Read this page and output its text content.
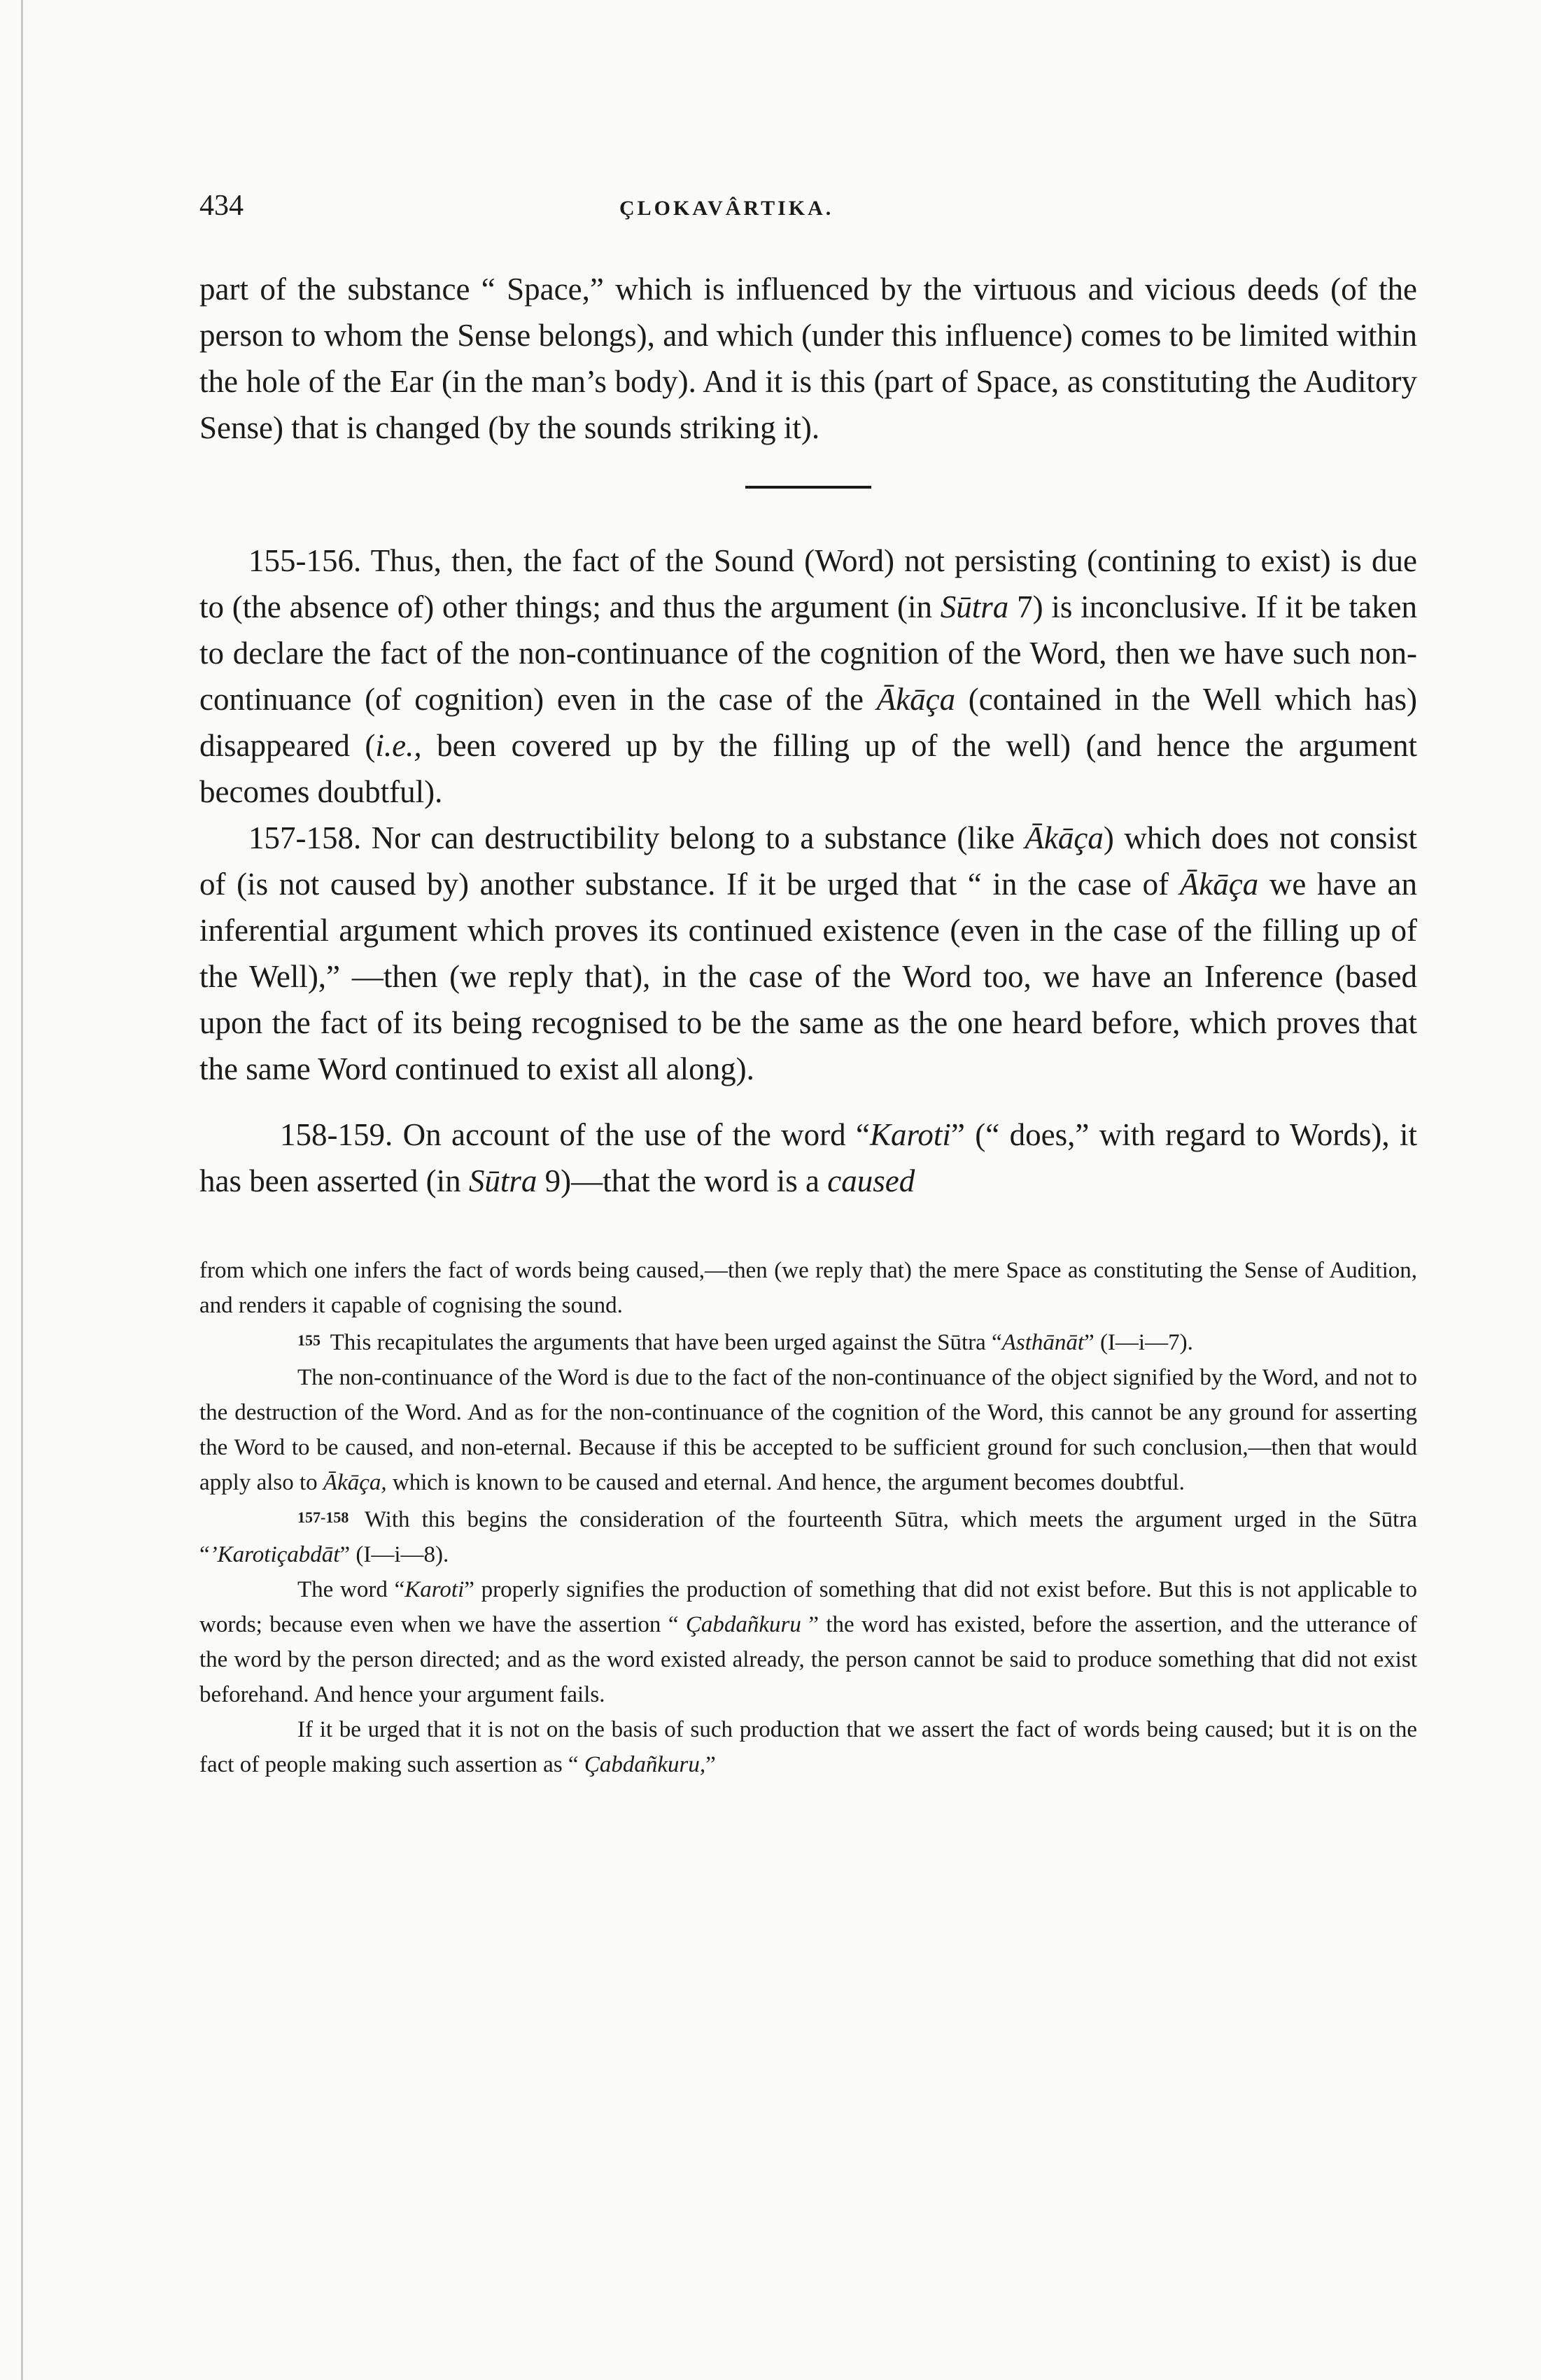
434	ÇLOKAVÂRTIKA.

part of the substance “ Space,” which is influenced by the virtuous and vicious deeds (of the person to whom the Sense belongs), and which (under this influence) comes to be limited within the hole of the Ear (in the man’s body). And it is this (part of Space, as constituting the Auditory Sense) that is changed (by the sounds striking it).

155-156. Thus, then, the fact of the Sound (Word) not persisting (contining to exist) is due to (the absence of) other things; and thus the argument (in Sūtra 7) is inconclusive. If it be taken to declare the fact of the non-continuance of the cognition of the Word, then we have such non-continuance (of cognition) even in the case of the Ākāça (contained in the Well which has) disappeared (i.e., been covered up by the filling up of the well) (and hence the argument becomes doubtful).

157-158. Nor can destructibility belong to a substance (like Ākāça) which does not consist of (is not caused by) another substance. If it be urged that “ in the case of Ākāça we have an inferential argument which proves its continued existence (even in the case of the filling up of the Well),” —then (we reply that), in the case of the Word too, we have an Inference (based upon the fact of its being recognised to be the same as the one heard before, which proves that the same Word continued to exist all along).

158-159. On account of the use of the word “Karoti” (“ does,” with regard to Words), it has been asserted (in Sūtra 9)—that the word is a caused

from which one infers the fact of words being caused,—then (we reply that) the mere Space as constituting the Sense of Audition, and renders it capable of cognising the sound.

155 This recapitulates the arguments that have been urged against the Sūtra “Asthānāt” (I—i—7).

The non-continuance of the Word is due to the fact of the non-continuance of the object signified by the Word, and not to the destruction of the Word. And as for the non-continuance of the cognition of the Word, this cannot be any ground for asserting the Word to be caused, and non-eternal. Because if this be accepted to be sufficient ground for such conclusion,—then that would apply also to Ākāça, which is known to be caused and eternal. And hence, the argument becomes doubtful.

157-158 With this begins the consideration of the fourteenth Sūtra, which meets the argument urged in the Sūtra “’Karotiçabdāt” (I—i—8).

The word “Karoti” properly signifies the production of something that did not exist before. But this is not applicable to words; because even when we have the assertion “ Çabdañkuru ” the word has existed, before the assertion, and the utterance of the word by the person directed; and as the word existed already, the person cannot be said to produce something that did not exist beforehand. And hence your argument fails.

If it be urged that it is not on the basis of such production that we assert the fact of words being caused; but it is on the fact of people making such assertion as “ Çabdañkuru,”
